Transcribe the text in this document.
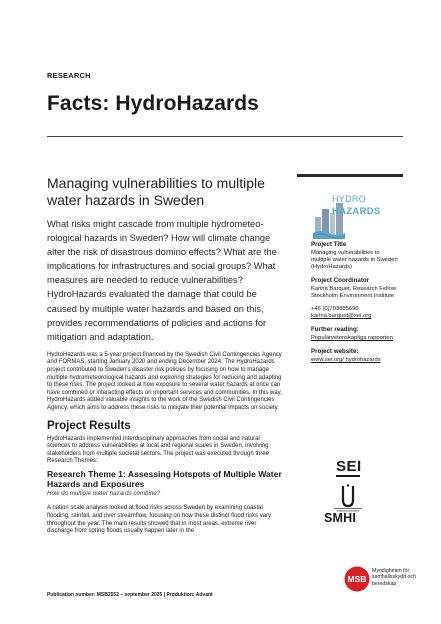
RESEARCH
Facts: HydroHazards
Managing vulnerabilities to multiple water hazards in Sweden
What risks might cascade from multiple hydrometeo-rological hazards in Sweden? How will climate change alter the risk of disastrous domino effects? What are the implications for infrastructures and social groups? What measures are needed to reduce vulnerabilities? HydroHazards evaluated the damage that could be caused by multiple water hazards and based on this, provides recommendations of policies and actions for mitigation and adaptation.
HydroHazards was a 5-year project financed by the Swedish Civil Contingencies Agency and FORMAS, starting January 2020 and ending December 2024. The HydroHazards project contributed to Sweden's disaster risk policies by focusing on how to manage multiple hydrometeorological hazards and exploring strategies for reducing and adapting to these risks. The project looked at how exposure to several water hazards at once can have combined or interacting effects on important services and communities. In this way, HydroHazards added valuable insights to the work of the Swedish Civil Contingencies Agency, which aims to address these risks to mitigate their potential impacts on society.
Project Results
HydroHazards implemented interdisciplinary approaches from social and natural sciences to address vulnerabilities at local and regional scales in Sweden, involving stakeholders from multiple societal sectors. The project was executed through three Research Themes:
Research Theme 1: Assessing Hotspots of Multiple Water Hazards and Exposures
How do multiple water hazards combine?
A nation scale analysis looked at flood risks across Sweden by examining coastal flooding, rainfall, and river streamflow, focusing on how these distinct flood risks vary throughout the year. The main results showed that in most areas, extreme river discharge from spring floods usually happen later in the
HYDRO
HAZARDS
Project Title
Managing vulnerabilities to multiple water hazards in Sweden (HydroHazards)
Project Coordinator
Karina Barquet, Research Fellow Stockholm Environment Institute
+46 (0)703885690
karina.barquet@sei.org
Further reading:
Populärvetenskapliga rapporten
Project website:
www.sei.org/ hydrohazards
SEI
SMHI
Publication number: MSB2552 – september 2025 | Produktion: Advant
MSB
Myndigheten för samhällsskydd och beredskap
